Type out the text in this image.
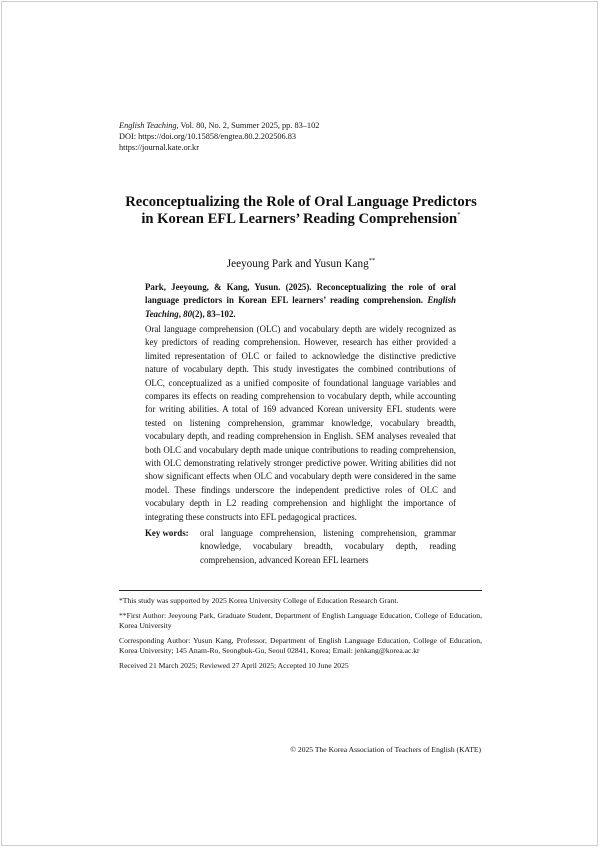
English Teaching, Vol. 80, No. 2, Summer 2025, pp. 83–102
DOI: https://doi.org/10.15858/engtea.80.2.202506.83
https://journal.kate.or.kr
Reconceptualizing the Role of Oral Language Predictors
in Korean EFL Learners’ Reading Comprehension*
Jeeyoung Park and Yusun Kang**
Park, Jeeyoung, & Kang, Yusun. (2025). Reconceptualizing the role of oral language predictors in Korean EFL learners’ reading comprehension. English Teaching, 80(2), 83–102.

Oral language comprehension (OLC) and vocabulary depth are widely recognized as key predictors of reading comprehension. However, research has either provided a limited representation of OLC or failed to acknowledge the distinctive predictive nature of vocabulary depth. This study investigates the combined contributions of OLC, conceptualized as a unified composite of foundational language variables and compares its effects on reading comprehension to vocabulary depth, while accounting for writing abilities. A total of 169 advanced Korean university EFL students were tested on listening comprehension, grammar knowledge, vocabulary breadth, vocabulary depth, and reading comprehension in English. SEM analyses revealed that both OLC and vocabulary depth made unique contributions to reading comprehension, with OLC demonstrating relatively stronger predictive power. Writing abilities did not show significant effects when OLC and vocabulary depth were considered in the same model. These findings underscore the independent predictive roles of OLC and vocabulary depth in L2 reading comprehension and highlight the importance of integrating these constructs into EFL pedagogical practices.

Key words: oral language comprehension, listening comprehension, grammar knowledge, vocabulary breadth, vocabulary depth, reading comprehension, advanced Korean EFL learners

*This study was supported by 2025 Korea University College of Education Research Grant.

**First Author: Jeeyoung Park, Graduate Student, Department of English Language Education, College of Education, Korea University

Corresponding Author: Yusun Kang, Professor, Department of English Language Education, College of Education, Korea University; 145 Anam-Ro, Seongbuk-Gu, Seoul 02841, Korea; Email: jenkang@korea.ac.kr

Received 21 March 2025; Reviewed 27 April 2025; Accepted 10 June 2025

© 2025 The Korea Association of Teachers of English (KATE)
